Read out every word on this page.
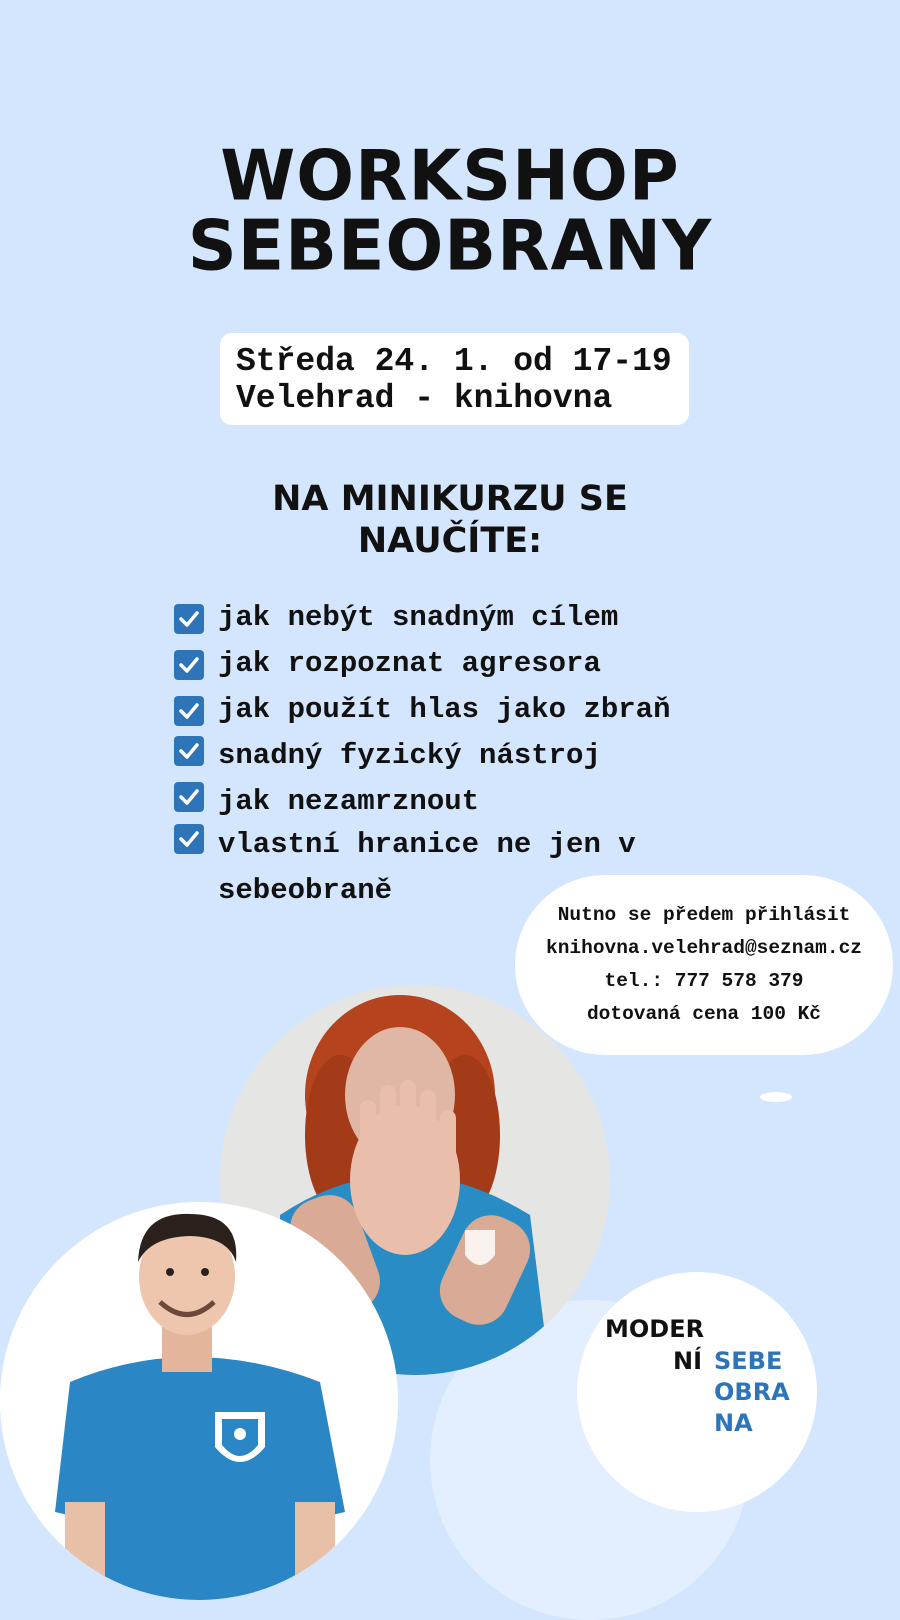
WORKSHOP
SEBEOBRANY
Středa 24. 1. od 17-19
Velehrad - knihovna
NA MINIKURZU SE
NAUČÍTE:
jak nebýt snadným cílem
jak rozpoznat agresora
jak použít hlas jako zbraň
snadný fyzický nástroj
jak nezamrznout
vlastní hranice ne jen v sebeobraně
Nutno se předem přihlásit
knihovna.velehrad@seznam.cz
tel.: 777 578 379
dotovaná cena 100 Kč

MODER

NÍ SEBE

OBRA

NA
